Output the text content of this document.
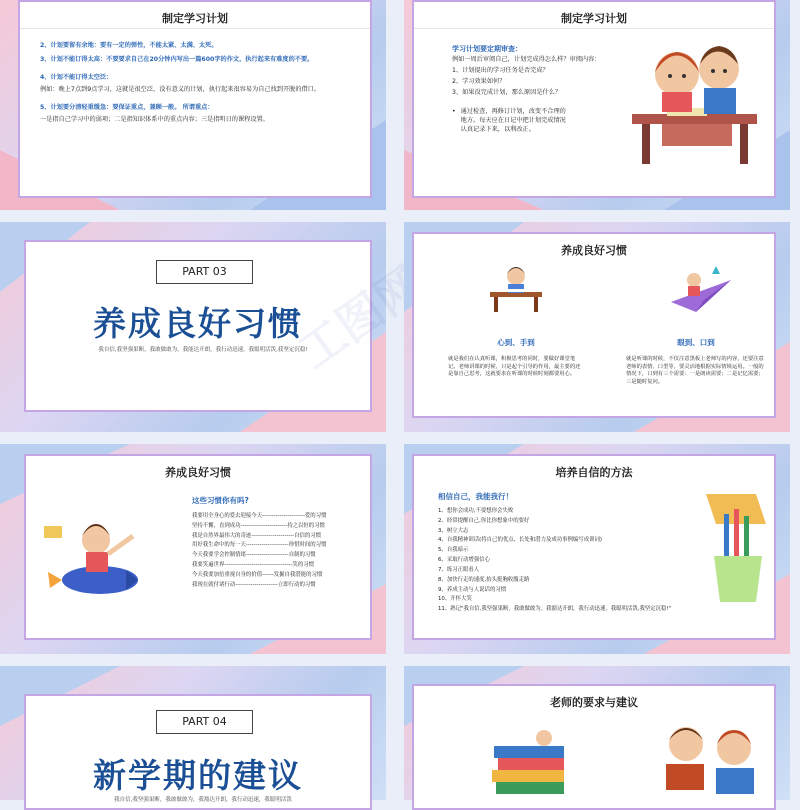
制定学习计划

2、计划要留有余地：要有一定的弹性，不能太紧、太满、太死。

3、计划不能订得太高：不要要求自己在20分钟内写出一篇600字的作文，执行起来有难度的不要。

4、计划不能订得太空泛：

例如：晚上7点到9点学习，这就是很空泛、没有意义的计划，执行起来很容易为自己找到开脱的借口。

5、计划要分清轻重缓急：要保证重点，兼顾一般。 所谓重点：

一是指自己学习中的弱项；二是指知识体系中的重点内容；三是指明日的课程设置。

制定学习计划

学习计划要定期审查：

例如一周后审阅自己，计划完成得怎么样？审阅内容：

1、计划提出的学习任务是否完成？

2、学习效果如何？

3、如果没完成计划，那么原因是什么？

• 通过检查，再修订计划，改变不合理的地方。每天应在日记中把计划完成情况认真记录下来，以利改正。

PART 03
养成良好习惯
我自信,我坚强果断，我敢做敢为，我能达开朗，我行动迅速，我聪明活泼,我坚定沉稳!
养成良好习惯

心到、手到

就是我们在认真听课，积极思考的同时，要做好课堂笔记。老师讲课的时候，只是起个引导的作用，最主要的还是靠自己思考，这就要求在听课的时候时刻都要用心。

眼到、口到

就是听课的时候，不仅注意黑板上老师写的内容，还要注意老师的表情、口型等，要灵活地根据实际情境运用。一般的情况下，口到有三个需要：一是朗读需要；二是记忆需要；三是随时复问。

养成良好习惯

这些习惯你有吗?

我要用全身心的爱去迎接今天----------------------爱的习惯
坚持不懈，直到成功------------------------持之以恒的习惯
我是自然界最伟大的奇迹----------------------自信的习惯
用好我生命中的每一天----------------------珍惜时间的习惯
今天我要学会控制情绪----------------------自制的习惯
我要笑遍世界-----------------------------------笑的习惯
今天我要加倍重视自身的价值------发掘自我潜能的习惯
我现在就付诸行动----------------------立即行动的习惯
培养自信的方法

相信自己，我能我行！

1、想你会成功,不要想你会失败
2、经常提醒自己,你比你想象中的要好
3、树立大志
4、自我精神训话(将自己的优点、长处和潜力及成功事例编写成训词)
5、自我暗示
6、采取行动增强信心
7、练习正眼看人
8、加快行走的速度,抬头挺胸收腹走路
9、养成主动与人说话的习惯
10、开怀大笑
11、熟记"我自信,我坚强果断，我敢做敢为。我豁达开朗，我行动迅速，我聪明活泼,我坚定沉稳!"
PART 04
新学期的建议
我自信,我坚强果断，我敢做敢为，我豁达开朗，我行动迅速，我聪明活泼
老师的要求与建议
